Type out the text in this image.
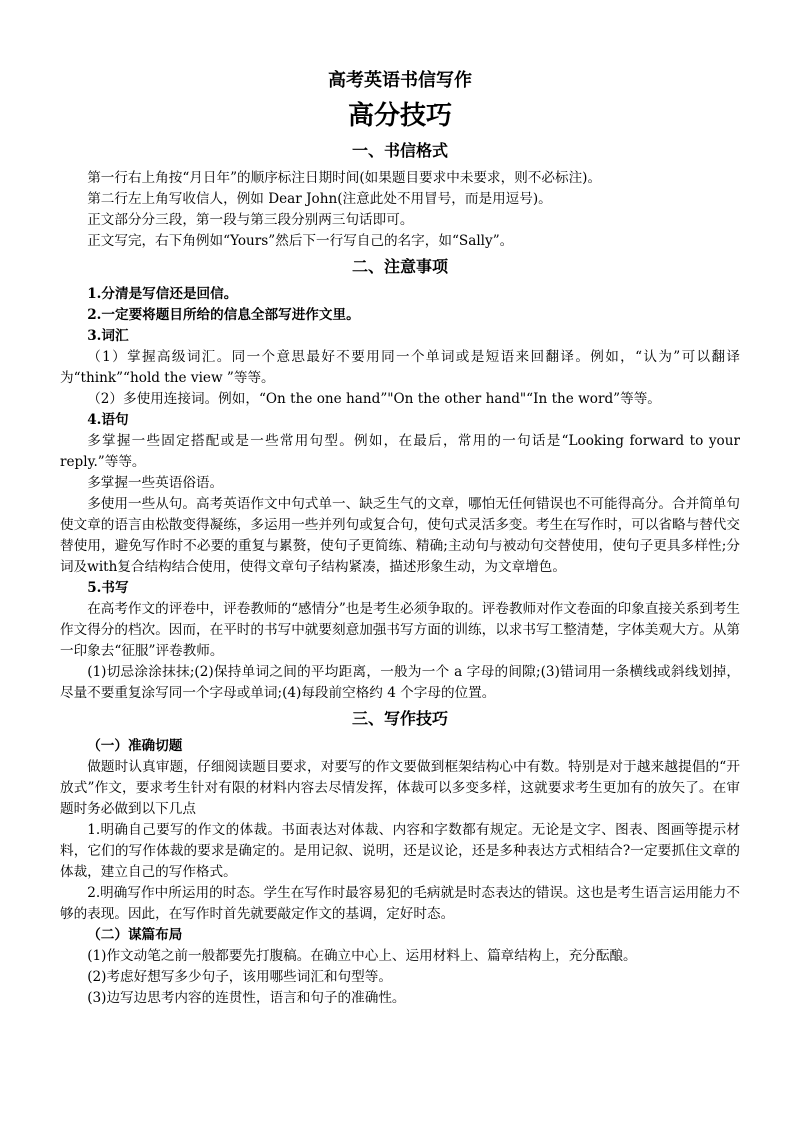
高考英语书信写作
高分技巧
一、书信格式

第一行右上角按“月日年”的顺序标注日期时间(如果题目要求中未要求，则不必标注)。

第二行左上角写收信人，例如 Dear John(注意此处不用冒号，而是用逗号)。

正文部分分三段，第一段与第三段分别两三句话即可。

正文写完，右下角例如“Yours”然后下一行写自己的名字，如“Sally”。

二、注意事项

1.分清是写信还是回信。

2.一定要将题目所给的信息全部写进作文里。

3.词汇

（1）掌握高级词汇。同一个意思最好不要用同一个单词或是短语来回翻译。例如，“认为”可以翻译为“think”“hold the view ”等等。

（2）多使用连接词。例如，“On the one hand”"On the other hand"“In the word”等等。

4.语句

多掌握一些固定搭配或是一些常用句型。例如，在最后，常用的一句话是“Looking forward to your reply.”等等。

多掌握一些英语俗语。

多使用一些从句。高考英语作文中句式单一、缺乏生气的文章，哪怕无任何错误也不可能得高分。合并简单句使文章的语言由松散变得凝练，多运用一些并列句或复合句，使句式灵活多变。考生在写作时，可以省略与替代交替使用，避免写作时不必要的重复与累赘，使句子更简练、精确;主动句与被动句交替使用，使句子更具多样性;分词及with复合结构结合使用，使得文章句子结构紧凑，描述形象生动，为文章增色。

5.书写

在高考作文的评卷中，评卷教师的“感情分”也是考生必须争取的。评卷教师对作文卷面的印象直接关系到考生作文得分的档次。因而，在平时的书写中就要刻意加强书写方面的训练，以求书写工整清楚，字体美观大方。从第一印象去“征服”评卷教师。

(1)切忌涂涂抹抹;(2)保持单词之间的平均距离，一般为一个 a 字母的间隙;(3)错词用一条横线或斜线划掉，尽量不要重复涂写同一个字母或单词;(4)每段前空格约 4 个字母的位置。

三、写作技巧

（一）准确切题

做题时认真审题，仔细阅读题目要求，对要写的作文要做到框架结构心中有数。特别是对于越来越提倡的“开放式”作文，要求考生针对有限的材料内容去尽情发挥，体裁可以多变多样，这就要求考生更加有的放矢了。在审题时务必做到以下几点

1.明确自己要写的作文的体裁。书面表达对体裁、内容和字数都有规定。无论是文字、图表、图画等提示材料，它们的写作体裁的要求是确定的。是用记叙、说明，还是议论，还是多种表达方式相结合?一定要抓住文章的体裁，建立自己的写作格式。

2.明确写作中所运用的时态。学生在写作时最容易犯的毛病就是时态表达的错误。这也是考生语言运用能力不够的表现。因此，在写作时首先就要敲定作文的基调，定好时态。

（二）谋篇布局

(1)作文动笔之前一般都要先打腹稿。在确立中心上、运用材料上、篇章结构上，充分酝酿。

(2)考虑好想写多少句子，该用哪些词汇和句型等。

(3)边写边思考内容的连贯性，语言和句子的准确性。
